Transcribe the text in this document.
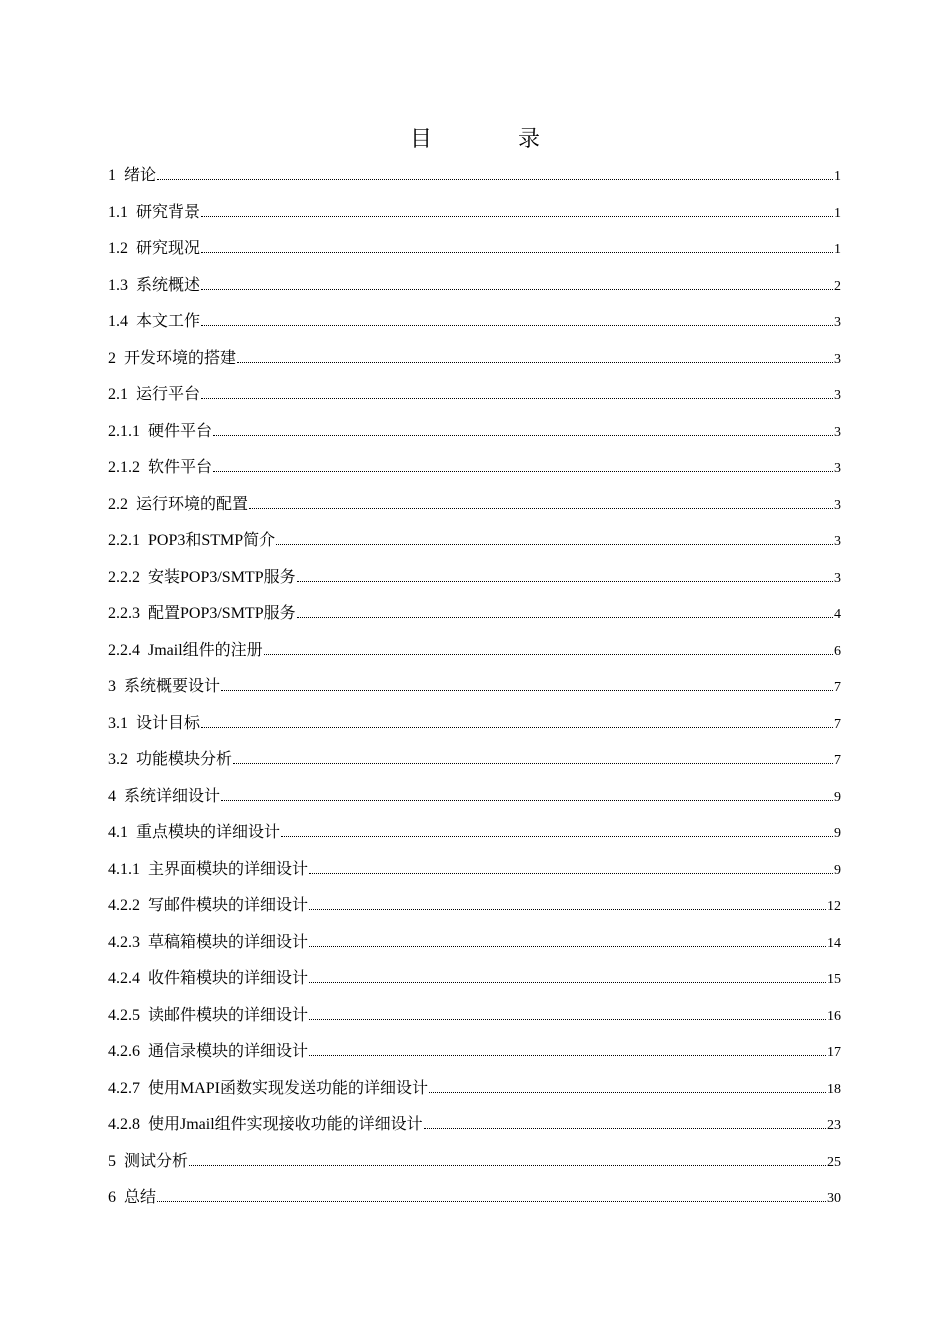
目	录
1 绪论	1
1.1 研究背景	1
1.2 研究现况	1
1.3 系统概述	2
1.4 本文工作	3
2 开发环境的搭建	3
2.1 运行平台	3
2.1.1 硬件平台	3
2.1.2 软件平台	3
2.2 运行环境的配置	3
2.2.1 POP3和STMP简介	3
2.2.2 安装POP3/SMTP服务	3
2.2.3 配置POP3/SMTP服务	4
2.2.4 Jmail组件的注册	6
3 系统概要设计	7
3.1 设计目标	7
3.2 功能模块分析	7
4 系统详细设计	9
4.1 重点模块的详细设计	9
4.1.1 主界面模块的详细设计	9
4.2.2 写邮件模块的详细设计	12
4.2.3 草稿箱模块的详细设计	14
4.2.4 收件箱模块的详细设计	15
4.2.5 读邮件模块的详细设计	16
4.2.6 通信录模块的详细设计	17
4.2.7 使用MAPI函数实现发送功能的详细设计	18
4.2.8 使用Jmail组件实现接收功能的详细设计	23
5 测试分析	25
6 总结	30
